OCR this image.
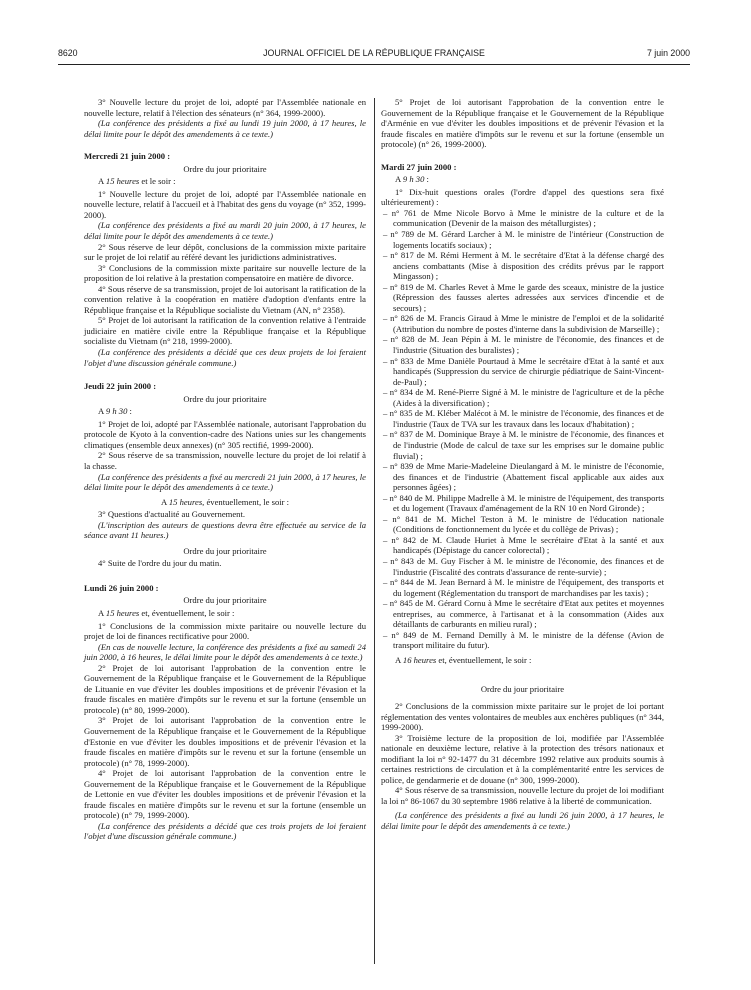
8620	JOURNAL OFFICIEL DE LA RÉPUBLIQUE FRANÇAISE	7 juin 2000

3° Nouvelle lecture du projet de loi, adopté par l'Assemblée nationale en nouvelle lecture, relatif à l'élection des sénateurs (n° 364, 1999-2000).

(La conférence des présidents a fixé au lundi 19 juin 2000, à 17 heures, le délai limite pour le dépôt des amendements à ce texte.)

Mercredi 21 juin 2000 :

Ordre du jour prioritaire

A 15 heures et le soir :

1° Nouvelle lecture du projet de loi, adopté par l'Assemblée nationale en nouvelle lecture, relatif à l'accueil et à l'habitat des gens du voyage (n° 352, 1999-2000).

(La conférence des présidents a fixé au mardi 20 juin 2000, à 17 heures, le délai limite pour le dépôt des amendements à ce texte.)

2° Sous réserve de leur dépôt, conclusions de la commission mixte paritaire sur le projet de loi relatif au référé devant les juridictions administratives.

3° Conclusions de la commission mixte paritaire sur nouvelle lecture de la proposition de loi relative à la prestation compensatoire en matière de divorce.

4° Sous réserve de sa transmission, projet de loi autorisant la ratification de la convention relative à la coopération en matière d'adoption d'enfants entre la République française et la République socialiste du Vietnam (AN, n° 2358).

5° Projet de loi autorisant la ratification de la convention relative à l'entraide judiciaire en matière civile entre la République française et la République socialiste du Vietnam (n° 218, 1999-2000).

(La conférence des présidents a décidé que ces deux projets de loi feraient l'objet d'une discussion générale commune.)

Jeudi 22 juin 2000 :

Ordre du jour prioritaire

A 9 h 30 :

1° Projet de loi, adopté par l'Assemblée nationale, autorisant l'approbation du protocole de Kyoto à la convention-cadre des Nations unies sur les changements climatiques (ensemble deux annexes) (n° 305 rectifié, 1999-2000).

2° Sous réserve de sa transmission, nouvelle lecture du projet de loi relatif à la chasse.

(La conférence des présidents a fixé au mercredi 21 juin 2000, à 17 heures, le délai limite pour le dépôt des amendements à ce texte.)

A 15 heures, éventuellement, le soir :

3° Questions d'actualité au Gouvernement.

(L'inscription des auteurs de questions devra être effectuée au service de la séance avant 11 heures.)

Ordre du jour prioritaire

4° Suite de l'ordre du jour du matin.

Lundi 26 juin 2000 :

Ordre du jour prioritaire

A 15 heures et, éventuellement, le soir :

1° Conclusions de la commission mixte paritaire ou nouvelle lecture du projet de loi de finances rectificative pour 2000.

(En cas de nouvelle lecture, la conférence des présidents a fixé au samedi 24 juin 2000, à 16 heures, le délai limite pour le dépôt des amendements à ce texte.)

2° Projet de loi autorisant l'approbation de la convention entre le Gouvernement de la République française et le Gouvernement de la République de Lituanie en vue d'éviter les doubles impositions et de prévenir l'évasion et la fraude fiscales en matière d'impôts sur le revenu et sur la fortune (ensemble un protocole) (n° 80, 1999-2000).

3° Projet de loi autorisant l'approbation de la convention entre le Gouvernement de la République française et le Gouvernement de la République d'Estonie en vue d'éviter les doubles impositions et de prévenir l'évasion et la fraude fiscales en matière d'impôts sur le revenu et sur la fortune (ensemble un protocole) (n° 78, 1999-2000).

4° Projet de loi autorisant l'approbation de la convention entre le Gouvernement de la République française et le Gouvernement de la République de Lettonie en vue d'éviter les doubles impositions et de prévenir l'évasion et la fraude fiscales en matière d'impôts sur le revenu et sur la fortune (ensemble un protocole) (n° 79, 1999-2000).

(La conférence des présidents a décidé que ces trois projets de loi feraient l'objet d'une discussion générale commune.)

5° Projet de loi autorisant l'approbation de la convention entre le Gouvernement de la République française et le Gouvernement de la République d'Arménie en vue d'éviter les doubles impositions et de prévenir l'évasion et la fraude fiscales en matière d'impôts sur le revenu et sur la fortune (ensemble un protocole) (n° 26, 1999-2000).

Mardi 27 juin 2000 :

A 9 h 30 :

1° Dix-huit questions orales (l'ordre d'appel des questions sera fixé ultérieurement) :

– n° 761 de Mme Nicole Borvo à Mme le ministre de la culture et de la communication (Devenir de la maison des métallurgistes) ;
– n° 789 de M. Gérard Larcher à M. le ministre de l'intérieur (Construction de logements locatifs sociaux) ;
– n° 817 de M. Rémi Herment à M. le secrétaire d'Etat à la défense chargé des anciens combattants (Mise à disposition des crédits prévus par le rapport Mingasson) ;
– n° 819 de M. Charles Revet à Mme le garde des sceaux, ministre de la justice (Répression des fausses alertes adressées aux services d'incendie et de secours) ;
– n° 826 de M. Francis Giraud à Mme le ministre de l'emploi et de la solidarité (Attribution du nombre de postes d'interne dans la subdivision de Marseille) ;
– n° 828 de M. Jean Pépin à M. le ministre de l'économie, des finances et de l'industrie (Situation des buralistes) ;
– n° 833 de Mme Danièle Pourtaud à Mme le secrétaire d'Etat à la santé et aux handicapés (Suppression du service de chirurgie pédiatrique de Saint-Vincent-de-Paul) ;
– n° 834 de M. René-Pierre Signé à M. le ministre de l'agriculture et de la pêche (Aides à la diversification) ;
– n° 835 de M. Kléber Malécot à M. le ministre de l'économie, des finances et de l'industrie (Taux de TVA sur les travaux dans les locaux d'habitation) ;
– n° 837 de M. Dominique Braye à M. le ministre de l'économie, des finances et de l'industrie (Mode de calcul de taxe sur les emprises sur le domaine public fluvial) ;
– n° 839 de Mme Marie-Madeleine Dieulangard à M. le ministre de l'économie, des finances et de l'industrie (Abattement fiscal applicable aux aides aux personnes âgées) ;
– n° 840 de M. Philippe Madrelle à M. le ministre de l'équipement, des transports et du logement (Travaux d'aménagement de la RN 10 en Nord Gironde) ;
– n° 841 de M. Michel Teston à M. le ministre de l'éducation nationale (Conditions de fonctionnement du lycée et du collège de Privas) ;
– n° 842 de M. Claude Huriet à Mme le secrétaire d'Etat à la santé et aux handicapés (Dépistage du cancer colorectal) ;
– n° 843 de M. Guy Fischer à M. le ministre de l'économie, des finances et de l'industrie (Fiscalité des contrats d'assurance de rente-survie) ;
– n° 844 de M. Jean Bernard à M. le ministre de l'équipement, des transports et du logement (Réglementation du transport de marchandises par les taxis) ;
– n° 845 de M. Gérard Cornu à Mme le secrétaire d'Etat aux petites et moyennes entreprises, au commerce, à l'artisanat et à la consommation (Aides aux détaillants de carburants en milieu rural) ;
– n° 849 de M. Fernand Demilly à M. le ministre de la défense (Avion de transport militaire du futur).

A 16 heures et, éventuellement, le soir :

Ordre du jour prioritaire

2° Conclusions de la commission mixte paritaire sur le projet de loi portant réglementation des ventes volontaires de meubles aux enchères publiques (n° 344, 1999-2000).

3° Troisième lecture de la proposition de loi, modifiée par l'Assemblée nationale en deuxième lecture, relative à la protection des trésors nationaux et modifiant la loi n° 92-1477 du 31 décembre 1992 relative aux produits soumis à certaines restrictions de circulation et à la complémentarité entre les services de police, de gendarmerie et de douane (n° 300, 1999-2000).

4° Sous réserve de sa transmission, nouvelle lecture du projet de loi modifiant la loi n° 86-1067 du 30 septembre 1986 relative à la liberté de communication.

(La conférence des présidents a fixé au lundi 26 juin 2000, à 17 heures, le délai limite pour le dépôt des amendements à ce texte.)
